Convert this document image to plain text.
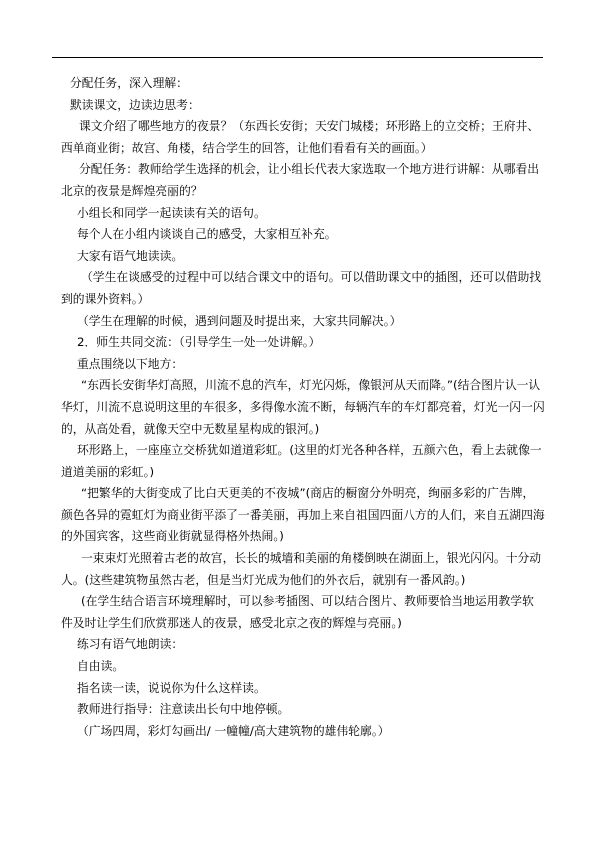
分配任务，深入理解：

默读课文，边读边思考：

课文介绍了哪些地方的夜景？（东西长安街；天安门城楼；环形路上的立交桥；王府井、西单商业街；故宫、角楼，结合学生的回答，让他们看看有关的画面。）

分配任务：教师给学生选择的机会，让小组长代表大家选取一个地方进行讲解：从哪看出北京的夜景是辉煌亮丽的？

小组长和同学一起读读有关的语句。

每个人在小组内谈谈自己的感受，大家相互补充。

大家有语气地读读。

（学生在谈感受的过程中可以结合课文中的语句。可以借助课文中的插图，还可以借助找到的课外资料。）

（学生在理解的时候，遇到问题及时提出来，大家共同解决。）

2．师生共同交流：（引导学生一处一处讲解。）

重点围绕以下地方：

“东西长安街华灯高照，川流不息的汽车，灯光闪烁，像银河从天而降。”(结合图片认一认华灯，川流不息说明这里的车很多，多得像水流不断，每辆汽车的车灯都亮着，灯光一闪一闪的，从高处看，就像天空中无数星星构成的银河。)

环形路上，一座座立交桥犹如道道彩虹。(这里的灯光各种各样，五颜六色，看上去就像一道道美丽的彩虹。)

“把繁华的大街变成了比白天更美的不夜城”(商店的橱窗分外明亮，绚丽多彩的广告牌，颜色各异的霓虹灯为商业街平添了一番美丽，再加上来自祖国四面八方的人们，来自五湖四海的外国宾客，这些商业街就显得格外热闹。)

一束束灯光照着古老的故宫，长长的城墙和美丽的角楼倒映在湖面上，银光闪闪。十分动人。(这些建筑物虽然古老，但是当灯光成为他们的外衣后，就别有一番风韵。)

(在学生结合语言环境理解时，可以参考插图、可以结合图片、教师要恰当地运用教学软件及时让学生们欣赏那迷人的夜景，感受北京之夜的辉煌与亮丽。)

练习有语气地朗读：

自由读。

指名读一读，说说你为什么这样读。

教师进行指导：注意读出长句中地停顿。

（广场四周，彩灯勾画出/ 一幢幢/高大建筑物的雄伟轮廓。）
